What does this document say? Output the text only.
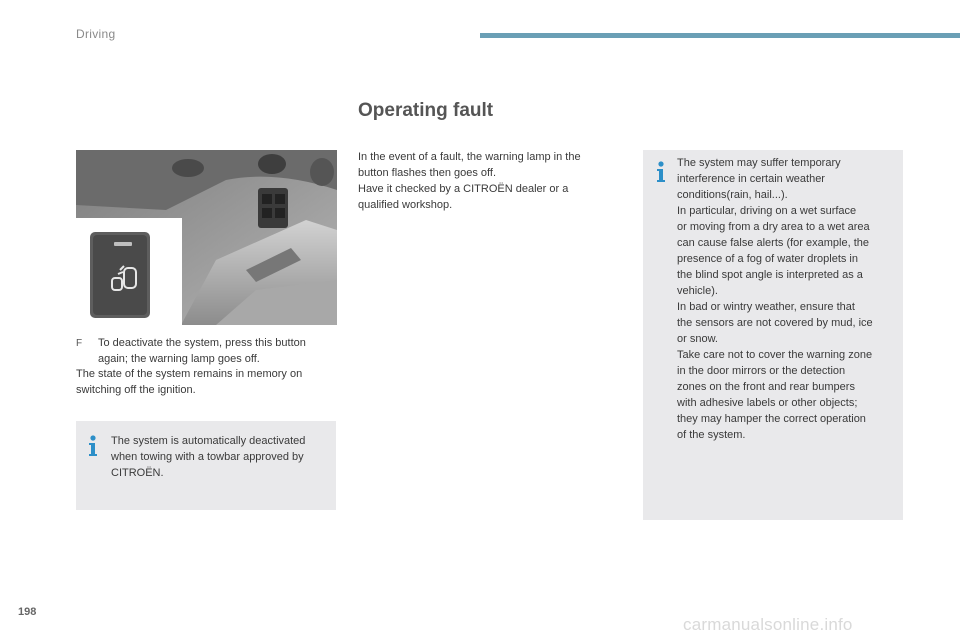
Driving
Operating fault
F To deactivate the system, press this button
again; the warning lamp goes off.
The state of the system remains in memory on
switching off the ignition.
The system is automatically deactivated
when towing with a towbar approved by
CITROËN.
In the event of a fault, the warning lamp in the
button flashes then goes off.
Have it checked by a CITROËN dealer or a
qualified workshop.
The system may suffer temporary
interference in certain weather
conditions(rain, hail...).
In particular, driving on a wet surface
or moving from a dry area to a wet area
can cause false alerts (for example, the
presence of a fog of water droplets in
the blind spot angle is interpreted as a
vehicle).
In bad or wintry weather, ensure that
the sensors are not covered by mud, ice
or snow.
Take care not to cover the warning zone
in the door mirrors or the detection
zones on the front and rear bumpers
with adhesive labels or other objects;
they may hamper the correct operation
of the system.
198
carmanualsonline.info
